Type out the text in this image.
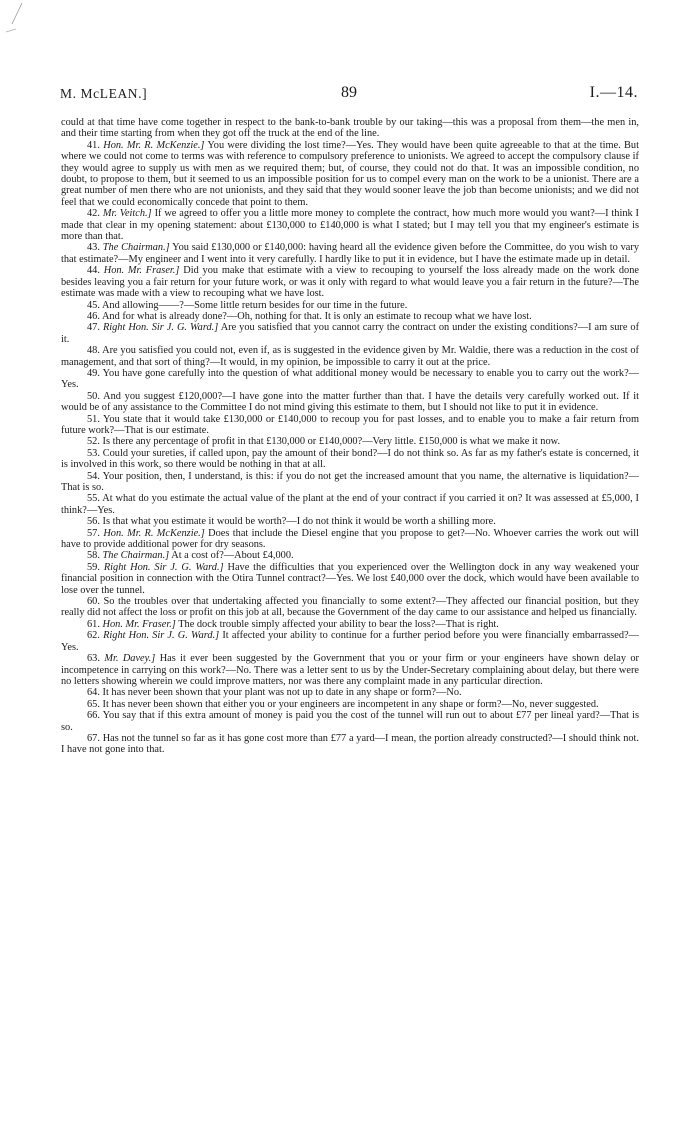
M. McLEAN.]	89	I.—14.

could at that time have come together in respect to the bank-to-bank trouble by our taking—this was a proposal from them—the men in, and their time starting from when they got off the truck at the end of the line.

41. Hon. Mr. R. McKenzie.] You were dividing the lost time?—Yes. They would have been quite agreeable to that at the time. But where we could not come to terms was with reference to compulsory preference to unionists. We agreed to accept the compulsory clause if they would agree to supply us with men as we required them; but, of course, they could not do that. It was an impossible condition, no doubt, to propose to them, but it seemed to us an impossible position for us to compel every man on the work to be a unionist. There are a great number of men there who are not unionists, and they said that they would sooner leave the job than become unionists; and we did not feel that we could economically concede that point to them.

42. Mr. Veitch.] If we agreed to offer you a little more money to complete the contract, how much more would you want?—I think I made that clear in my opening statement: about £130,000 to £140,000 is what I stated; but I may tell you that my engineer's estimate is more than that.

43. The Chairman.] You said £130,000 or £140,000: having heard all the evidence given before the Committee, do you wish to vary that estimate?—My engineer and I went into it very carefully. I hardly like to put it in evidence, but I have the estimate made up in detail.

44. Hon. Mr. Fraser.] Did you make that estimate with a view to recouping to yourself the loss already made on the work done besides leaving you a fair return for your future work, or was it only with regard to what would leave you a fair return in the future?—The estimate was made with a view to recouping what we have lost.

45. And allowing——?—Some little return besides for our time in the future.

46. And for what is already done?—Oh, nothing for that. It is only an estimate to recoup what we have lost.

47. Right Hon. Sir J. G. Ward.] Are you satisfied that you cannot carry the contract on under the existing conditions?—I am sure of it.

48. Are you satisfied you could not, even if, as is suggested in the evidence given by Mr. Waldie, there was a reduction in the cost of management, and that sort of thing?—It would, in my opinion, be impossible to carry it out at the price.

49. You have gone carefully into the question of what additional money would be necessary to enable you to carry out the work?—Yes.

50. And you suggest £120,000?—I have gone into the matter further than that. I have the details very carefully worked out. If it would be of any assistance to the Committee I do not mind giving this estimate to them, but I should not like to put it in evidence.

51. You state that it would take £130,000 or £140,000 to recoup you for past losses, and to enable you to make a fair return from future work?—That is our estimate.

52. Is there any percentage of profit in that £130,000 or £140,000?—Very little. £150,000 is what we make it now.

53. Could your sureties, if called upon, pay the amount of their bond?—I do not think so. As far as my father's estate is concerned, it is involved in this work, so there would be nothing in that at all.

54. Your position, then, I understand, is this: if you do not get the increased amount that you name, the alternative is liquidation?—That is so.

55. At what do you estimate the actual value of the plant at the end of your contract if you carried it on? It was assessed at £5,000, I think?—Yes.

56. Is that what you estimate it would be worth?—I do not think it would be worth a shilling more.

57. Hon. Mr. R. McKenzie.] Does that include the Diesel engine that you propose to get?—No. Whoever carries the work out will have to provide additional power for dry seasons.

58. The Chairman.] At a cost of?—About £4,000.

59. Right Hon. Sir J. G. Ward.] Have the difficulties that you experienced over the Wellington dock in any way weakened your financial position in connection with the Otira Tunnel contract?—Yes. We lost £40,000 over the dock, which would have been available to lose over the tunnel.

60. So the troubles over that undertaking affected you financially to some extent?—They affected our financial position, but they really did not affect the loss or profit on this job at all, because the Government of the day came to our assistance and helped us financially.

61. Hon. Mr. Fraser.] The dock trouble simply affected your ability to bear the loss?—That is right.

62. Right Hon. Sir J. G. Ward.] It affected your ability to continue for a further period before you were financially embarrassed?—Yes.

63. Mr. Davey.] Has it ever been suggested by the Government that you or your firm or your engineers have shown delay or incompetence in carrying on this work?—No. There was a letter sent to us by the Under-Secretary complaining about delay, but there were no letters showing wherein we could improve matters, nor was there any complaint made in any particular direction.

64. It has never been shown that your plant was not up to date in any shape or form?—No.

65. It has never been shown that either you or your engineers are incompetent in any shape or form?—No, never suggested.

66. You say that if this extra amount of money is paid you the cost of the tunnel will run out to about £77 per lineal yard?—That is so.

67. Has not the tunnel so far as it has gone cost more than £77 a yard—I mean, the portion already constructed?—I should think not. I have not gone into that.
